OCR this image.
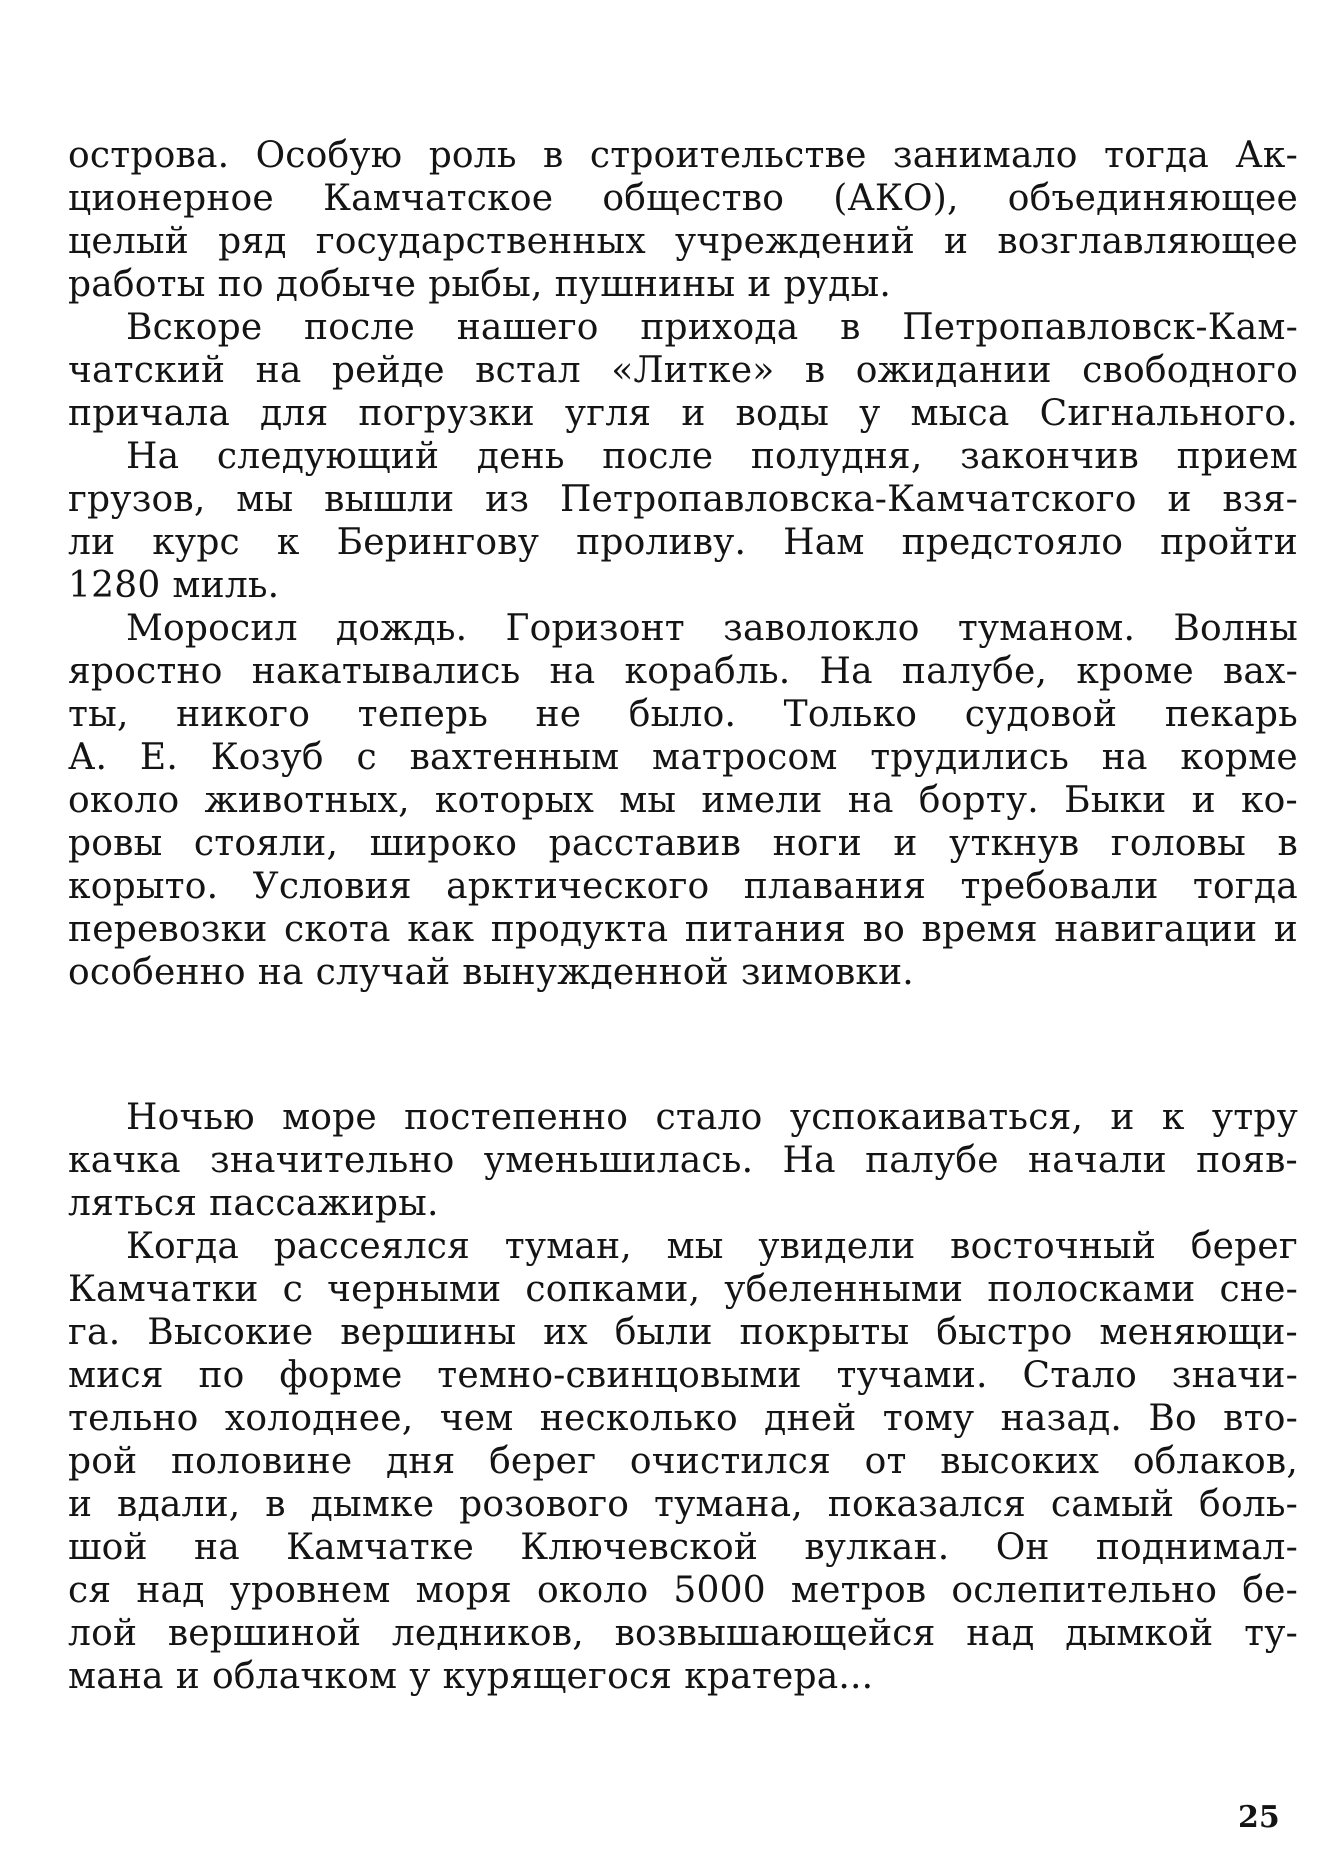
острова. Особую роль в строительстве занимало тогда Ак-
ционерное Камчатское общество (АКО), объединяющее
целый ряд государственных учреждений и возглавляющее
работы по добыче рыбы, пушнины и руды.
Вскоре после нашего прихода в Петропавловск-Кам-
чатский на рейде встал «Литке» в ожидании свободного
причала для погрузки угля и воды у мыса Сигнального.
На следующий день после полудня, закончив прием
грузов, мы вышли из Петропавловска-Камчатского и взя-
ли курс к Берингову проливу. Нам предстояло пройти
1280 миль.
Моросил дождь. Горизонт заволокло туманом. Волны
яростно накатывались на корабль. На палубе, кроме вах-
ты, никого теперь не было. Только судовой пекарь
А. Е. Козуб с вахтенным матросом трудились на корме
около животных, которых мы имели на борту. Быки и ко-
ровы стояли, широко расставив ноги и уткнув головы в
корыто. Условия арктического плавания требовали тогда
перевозки скота как продукта питания во время навигации и
особенно на случай вынужденной зимовки.
Ночью море постепенно стало успокаиваться, и к утру
качка значительно уменьшилась. На палубе начали появ-
ляться пассажиры.
Когда рассеялся туман, мы увидели восточный берег
Камчатки с черными сопками, убеленными полосками сне-
га. Высокие вершины их были покрыты быстро меняющи-
мися по форме темно-свинцовыми тучами. Стало значи-
тельно холоднее, чем несколько дней тому назад. Во вто-
рой половине дня берег очистился от высоких облаков,
и вдали, в дымке розового тумана, показался самый боль-
шой на Камчатке Ключевской вулкан. Он поднимал-
ся над уровнем моря около 5000 метров ослепительно бе-
лой вершиной ледников, возвышающейся над дымкой ту-
мана и облачком у курящегося кратера...
25
